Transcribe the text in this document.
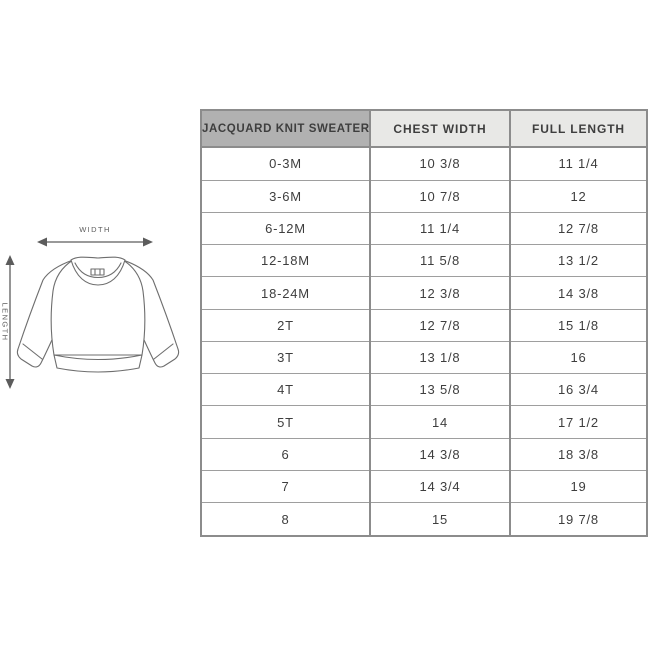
WIDTH
LENGTH
JACQUARD KNIT SWEATER	CHEST WIDTH	FULL LENGTH
0-3M	10 3/8	11 1/4
3-6M	10 7/8	12
6-12M	11 1/4	12 7/8
12-18M	11 5/8	13 1/2
18-24M	12 3/8	14 3/8
2T	12 7/8	15 1/8
3T	13 1/8	16
4T	13 5/8	16 3/4
5T	14	17 1/2
6	14 3/8	18 3/8
7	14 3/4	19
8	15	19 7/8
